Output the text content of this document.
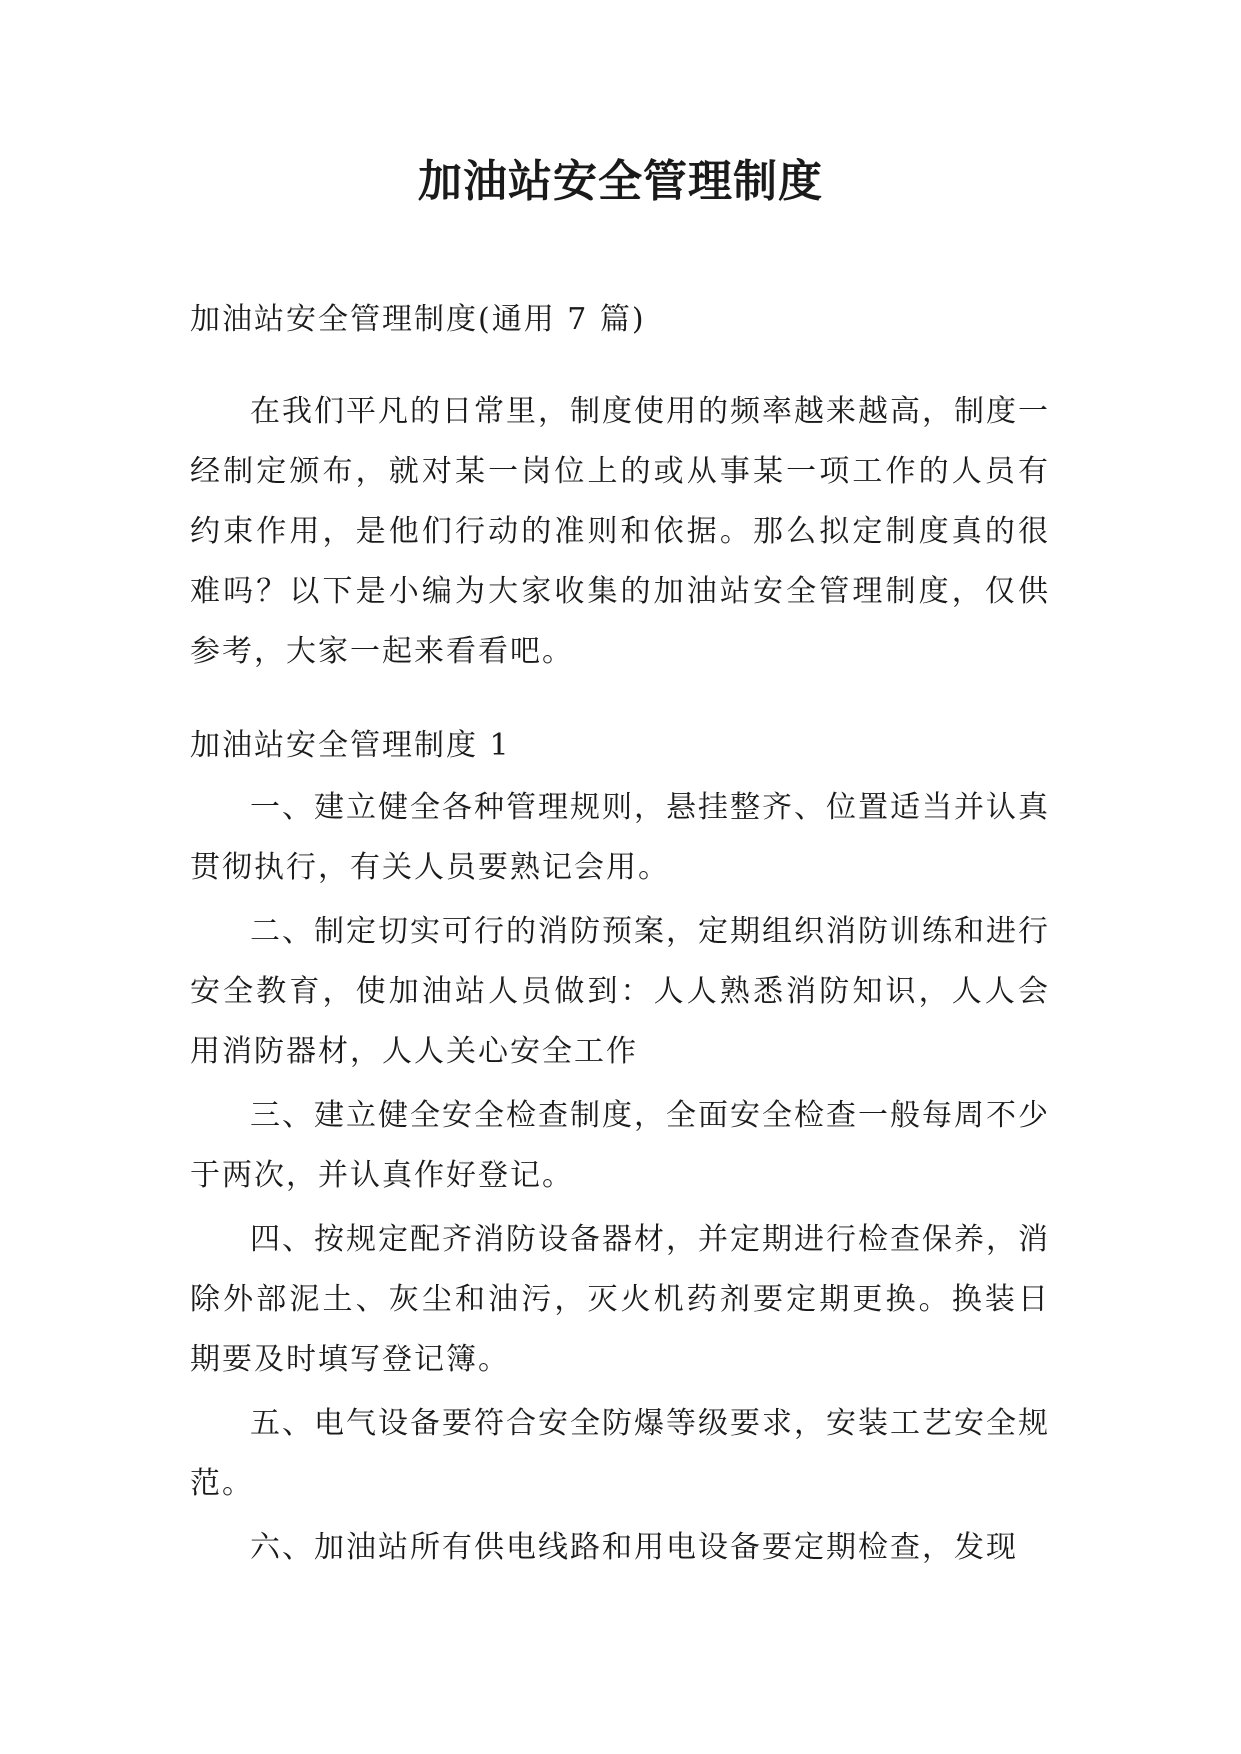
加油站安全管理制度

加油站安全管理制度(通用 7 篇)

在我们平凡的日常里，制度使用的频率越来越高，制度一经制定颁布，就对某一岗位上的或从事某一项工作的人员有约束作用，是他们行动的准则和依据。那么拟定制度真的很难吗？以下是小编为大家收集的加油站安全管理制度，仅供参考，大家一起来看看吧。

加油站安全管理制度 1

一、建立健全各种管理规则，悬挂整齐、位置适当并认真贯彻执行，有关人员要熟记会用。

二、制定切实可行的消防预案，定期组织消防训练和进行安全教育，使加油站人员做到：人人熟悉消防知识，人人会用消防器材，人人关心安全工作

三、建立健全安全检查制度，全面安全检查一般每周不少于两次，并认真作好登记。

四、按规定配齐消防设备器材，并定期进行检查保养，消除外部泥土、灰尘和油污，灭火机药剂要定期更换。换装日期要及时填写登记簿。

五、电气设备要符合安全防爆等级要求，安装工艺安全规范。

六、加油站所有供电线路和用电设备要定期检查，发现
